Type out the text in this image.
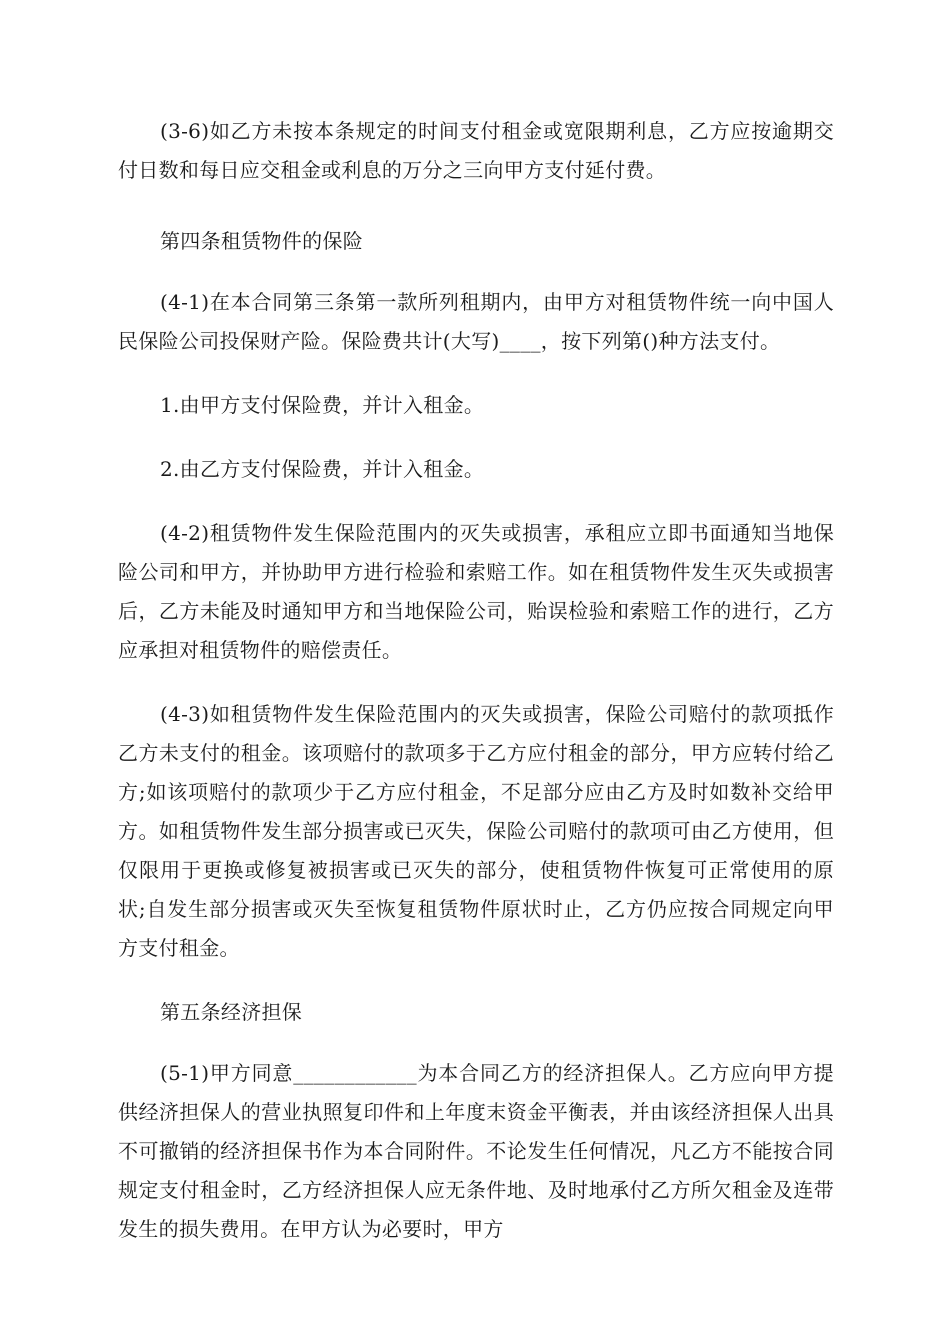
(3-6)如乙方未按本条规定的时间支付租金或宽限期利息，乙方应按逾期交付日数和每日应交租金或利息的万分之三向甲方支付延付费。

第四条租赁物件的保险

(4-1)在本合同第三条第一款所列租期内，由甲方对租赁物件统一向中国人民保险公司投保财产险。保险费共计(大写)____，按下列第()种方法支付。

1.由甲方支付保险费，并计入租金。

2.由乙方支付保险费，并计入租金。

(4-2)租赁物件发生保险范围内的灭失或损害，承租应立即书面通知当地保险公司和甲方，并协助甲方进行检验和索赔工作。如在租赁物件发生灭失或损害后，乙方未能及时通知甲方和当地保险公司，贻误检验和索赔工作的进行，乙方应承担对租赁物件的赔偿责任。

(4-3)如租赁物件发生保险范围内的灭失或损害，保险公司赔付的款项抵作乙方未支付的租金。该项赔付的款项多于乙方应付租金的部分，甲方应转付给乙方;如该项赔付的款项少于乙方应付租金，不足部分应由乙方及时如数补交给甲方。如租赁物件发生部分损害或已灭失，保险公司赔付的款项可由乙方使用，但仅限用于更换或修复被损害或已灭失的部分，使租赁物件恢复可正常使用的原状;自发生部分损害或灭失至恢复租赁物件原状时止，乙方仍应按合同规定向甲方支付租金。

第五条经济担保

(5-1)甲方同意____________为本合同乙方的经济担保人。乙方应向甲方提供经济担保人的营业执照复印件和上年度末资金平衡表，并由该经济担保人出具不可撤销的经济担保书作为本合同附件。不论发生任何情况，凡乙方不能按合同规定支付租金时，乙方经济担保人应无条件地、及时地承付乙方所欠租金及连带发生的损失费用。在甲方认为必要时，甲方
